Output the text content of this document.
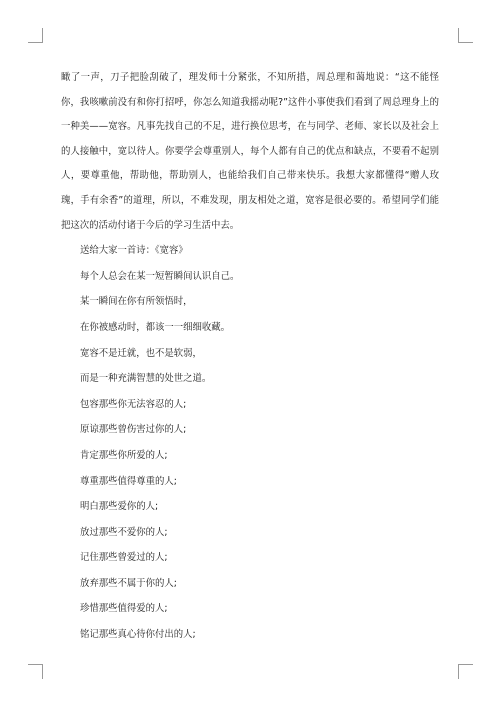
瞰了一声，刀子把脸刮破了，理发师十分紧张，不知所措，周总理和蔼地说：“这不能怪你，我咳嗽前没有和你打招呼，你怎么知道我摇动呢?”这件小事使我们看到了周总理身上的一种美——宽容。凡事先找自己的不足，进行换位思考，在与同学、老师、家长以及社会上的人接触中，宽以待人。你要学会尊重别人，每个人都有自己的优点和缺点，不要看不起别人，要尊重他，帮助他，帮助别人，也能给我们自己带来快乐。我想大家都懂得“赠人玫瑰，手有余香”的道理，所以，不难发现，朋友相处之道，宽容是很必要的。希望同学们能把这次的活动付诸于今后的学习生活中去。

送给大家一首诗：《宽容》
每个人总会在某一短暂瞬间认识自己。
某一瞬间在你有所领悟时，
在你被感动时，都该一一细细收藏。
宽容不是迁就，也不是软弱，
而是一种充满智慧的处世之道。
包容那些你无法容忍的人;
原谅那些曾伤害过你的人;
肯定那些你所爱的人;
尊重那些值得尊重的人;
明白那些爱你的人;
放过那些不爱你的人;
记住那些曾爱过的人;
放弃那些不属于你的人;
珍惜那些值得爱的人;
铭记那些真心待你付出的人;
